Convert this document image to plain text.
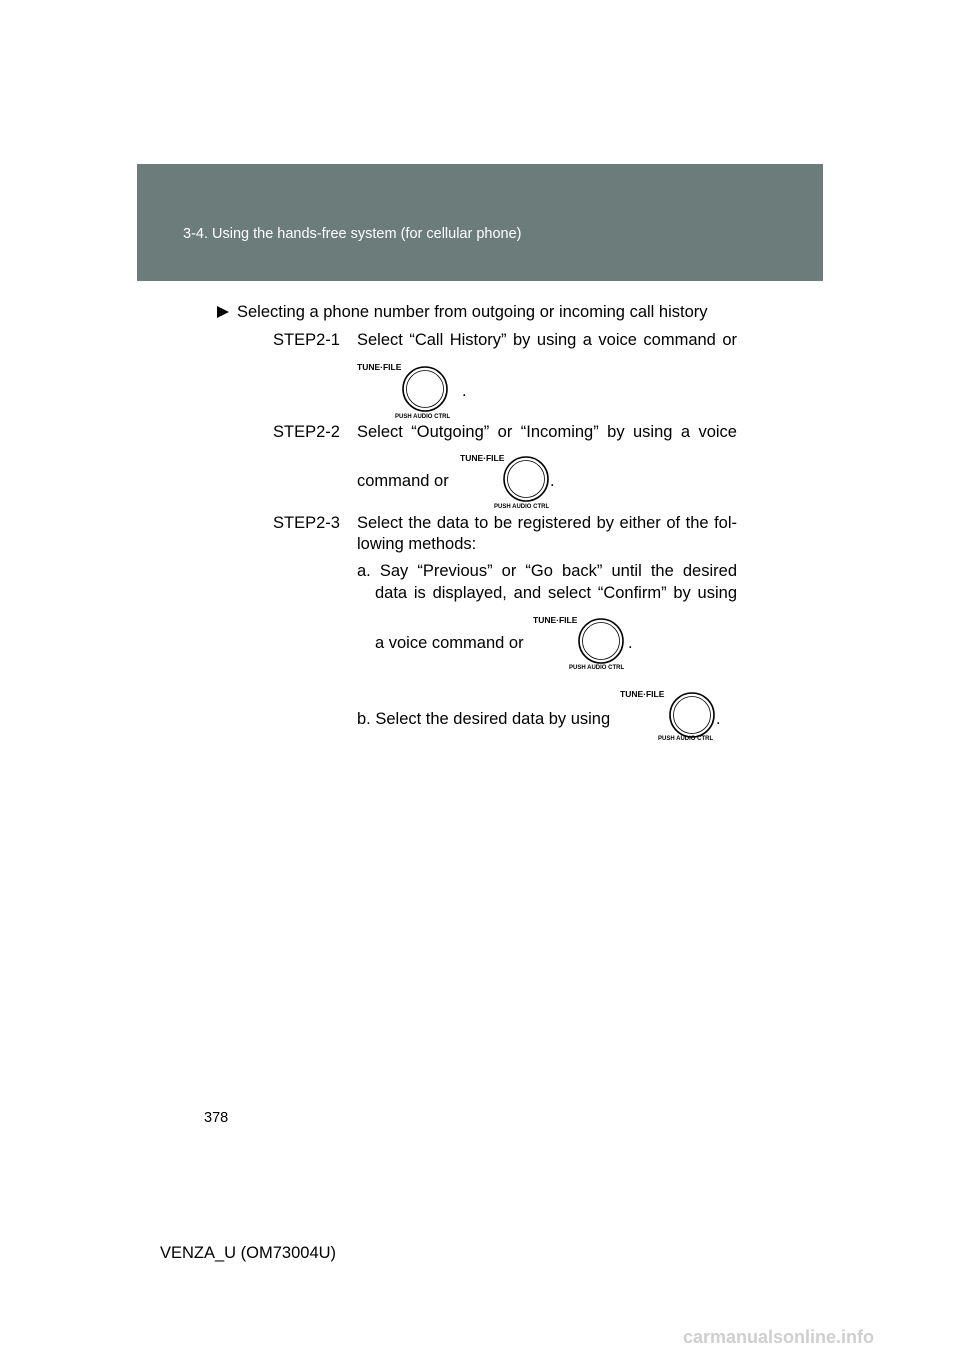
3-4. Using the hands-free system (for cellular phone)
Selecting a phone number from outgoing or incoming call history
STEP2-1 Select “Call History” by using a voice command or
TUNE·FILE
PUSH AUDIO CTRL
.
STEP2-2 Select “Outgoing” or “Incoming” by using a voice
command or
TUNE·FILE
PUSH AUDIO CTRL
.
STEP2-3 Select the data to be registered by either of the fol-
lowing methods:
a. Say “Previous” or “Go back” until the desired
data is displayed, and select “Confirm” by using
a voice command or
TUNE·FILE
PUSH AUDIO CTRL
.
b. Select the desired data by using
TUNE·FILE
PUSH AUDIO CTRL
.
378
VENZA_U (OM73004U)
carmanualsonline.info
